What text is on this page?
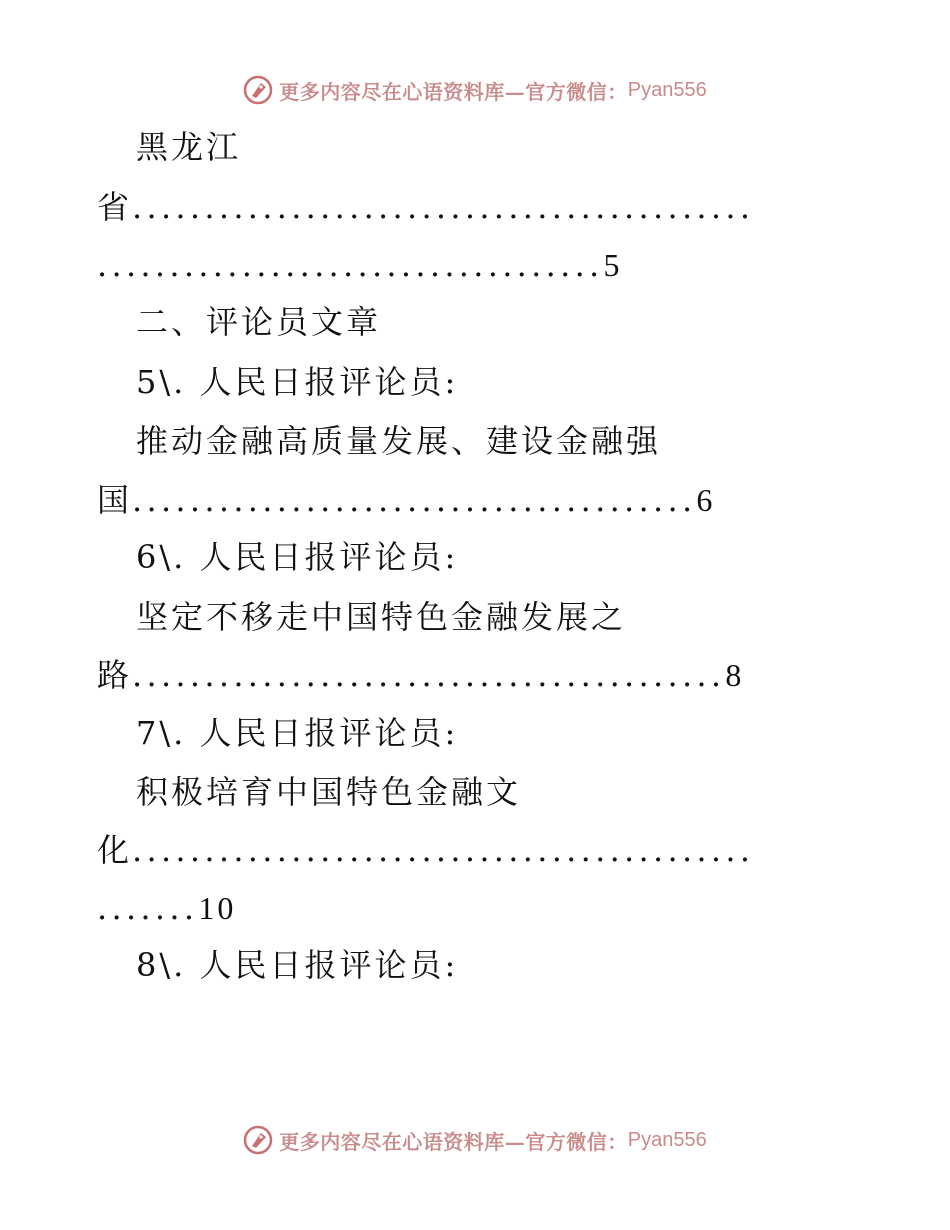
更多内容尽在心语资料库—官方微信： Pyan556
黑龙江
省...........................................
...................................5
二、评论员文章
5\. 人民日报评论员:
推动金融高质量发展、建设金融强
国.......................................6
6\. 人民日报评论员:
坚定不移走中国特色金融发展之
路.........................................8
7\. 人民日报评论员:
积极培育中国特色金融文
化...........................................
.......10
8\. 人民日报评论员:
更多内容尽在心语资料库—官方微信： Pyan556
